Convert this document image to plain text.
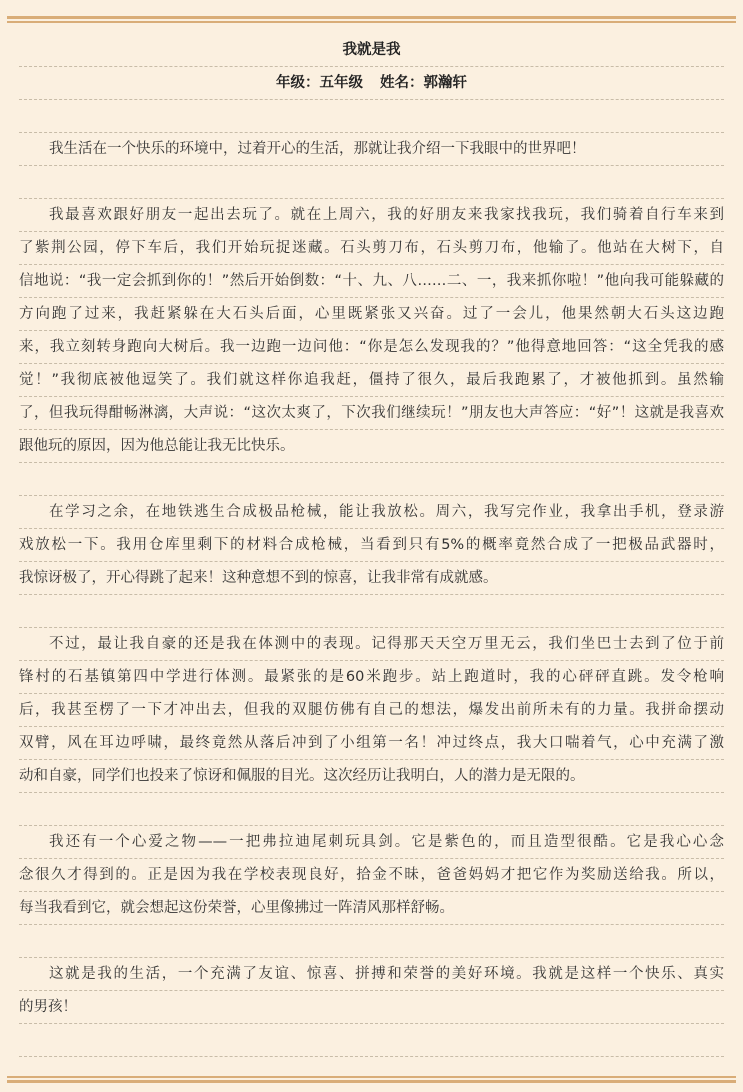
我就是我
年级：五年级 姓名：郭瀚轩
我生活在一个快乐的环境中，过着开心的生活，那就让我介绍一下我眼中的世界吧！
我最喜欢跟好朋友一起出去玩了。就在上周六，我的好朋友来我家找我玩，我们骑着自行车来到
了紫荆公园，停下车后，我们开始玩捉迷藏。石头剪刀布，石头剪刀布，他输了。他站在大树下，自
信地说：“我一定会抓到你的！”然后开始倒数：“十、九、八……二、一，我来抓你啦！”他向我可能躲藏的
方向跑了过来，我赶紧躲在大石头后面，心里既紧张又兴奋。过了一会儿，他果然朝大石头这边跑
来，我立刻转身跑向大树后。我一边跑一边问他：“你是怎么发现我的？”他得意地回答：“这全凭我的感
觉！”我彻底被他逗笑了。我们就这样你追我赶，僵持了很久，最后我跑累了，才被他抓到。虽然输
了，但我玩得酣畅淋漓，大声说：“这次太爽了，下次我们继续玩！”朋友也大声答应：“好”！这就是我喜欢
跟他玩的原因，因为他总能让我无比快乐。
在学习之余，在地铁逃生合成极品枪械，能让我放松。周六，我写完作业，我拿出手机，登录游
戏放松一下。我用仓库里剩下的材料合成枪械，当看到只有5%的概率竟然合成了一把极品武器时，
我惊讶极了，开心得跳了起来！这种意想不到的惊喜，让我非常有成就感。
不过，最让我自豪的还是我在体测中的表现。记得那天天空万里无云，我们坐巴士去到了位于前
锋村的石基镇第四中学进行体测。最紧张的是60米跑步。站上跑道时，我的心砰砰直跳。发令枪响
后，我甚至楞了一下才冲出去，但我的双腿仿佛有自己的想法，爆发出前所未有的力量。我拼命摆动
双臂，风在耳边呼啸，最终竟然从落后冲到了小组第一名！冲过终点，我大口喘着气，心中充满了激
动和自豪，同学们也投来了惊讶和佩服的目光。这次经历让我明白，人的潜力是无限的。
我还有一个心爱之物——一把弗拉迪尾刺玩具剑。它是紫色的，而且造型很酷。它是我心心念
念很久才得到的。正是因为我在学校表现良好，拾金不昧，爸爸妈妈才把它作为奖励送给我。所以，
每当我看到它，就会想起这份荣誉，心里像拂过一阵清风那样舒畅。
这就是我的生活，一个充满了友谊、惊喜、拼搏和荣誉的美好环境。我就是这样一个快乐、真实
的男孩！
